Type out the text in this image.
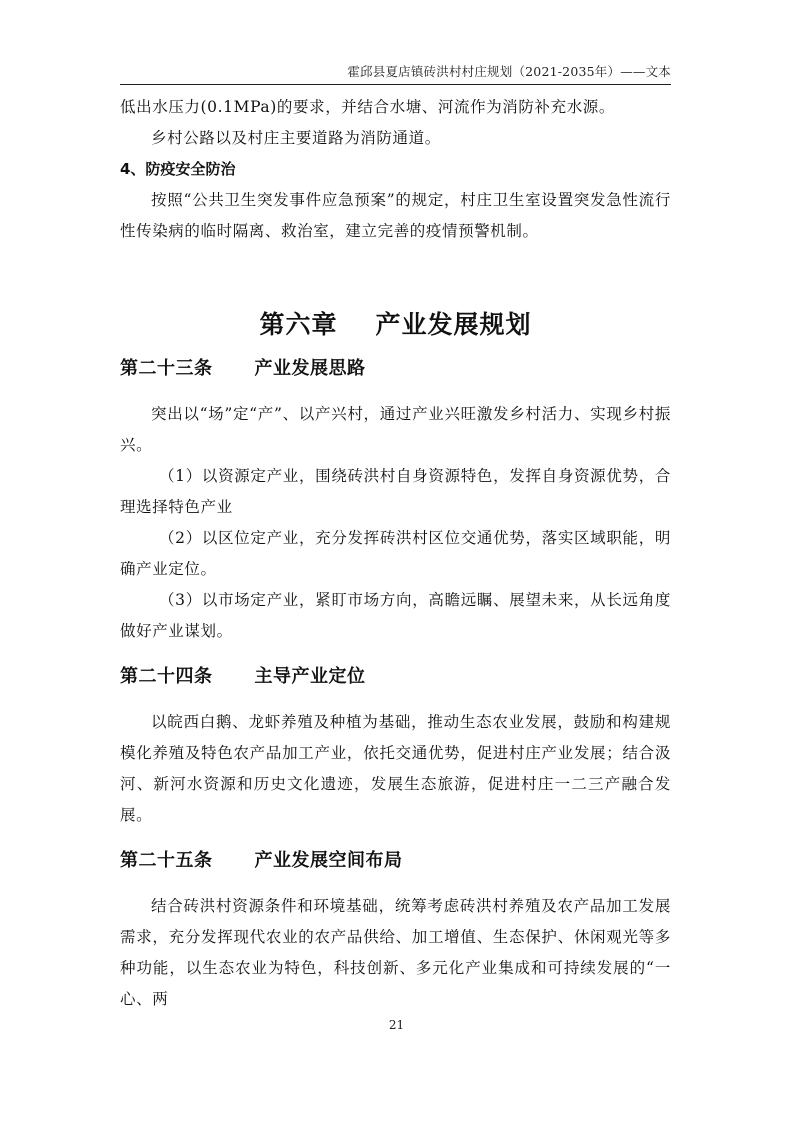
霍邱县夏店镇砖洪村村庄规划（2021-2035年）——文本

低出水压力(0.1MPa)的要求，并结合水塘、河流作为消防补充水源。

乡村公路以及村庄主要道路为消防通道。

4、防疫安全防治

按照“公共卫生突发事件应急预案”的规定，村庄卫生室设置突发急性流行性传染病的临时隔离、救治室，建立完善的疫情预警机制。

第六章 产业发展规划
第二十三条 产业发展思路

突出以“场”定“产”、以产兴村，通过产业兴旺激发乡村活力、实现乡村振兴。

（1）以资源定产业，围绕砖洪村自身资源特色，发挥自身资源优势，合理选择特色产业

（2）以区位定产业，充分发挥砖洪村区位交通优势，落实区域职能，明确产业定位。

（3）以市场定产业，紧盯市场方向，高瞻远瞩、展望未来，从长远角度做好产业谋划。

第二十四条 主导产业定位

以皖西白鹅、龙虾养殖及种植为基础，推动生态农业发展，鼓励和构建规模化养殖及特色农产品加工产业，依托交通优势，促进村庄产业发展；结合汲河、新河水资源和历史文化遗迹，发展生态旅游，促进村庄一二三产融合发展。

第二十五条 产业发展空间布局

结合砖洪村资源条件和环境基础，统筹考虑砖洪村养殖及农产品加工发展需求，充分发挥现代农业的农产品供给、加工增值、生态保护、休闲观光等多种功能，以生态农业为特色，科技创新、多元化产业集成和可持续发展的“一心、两

21
